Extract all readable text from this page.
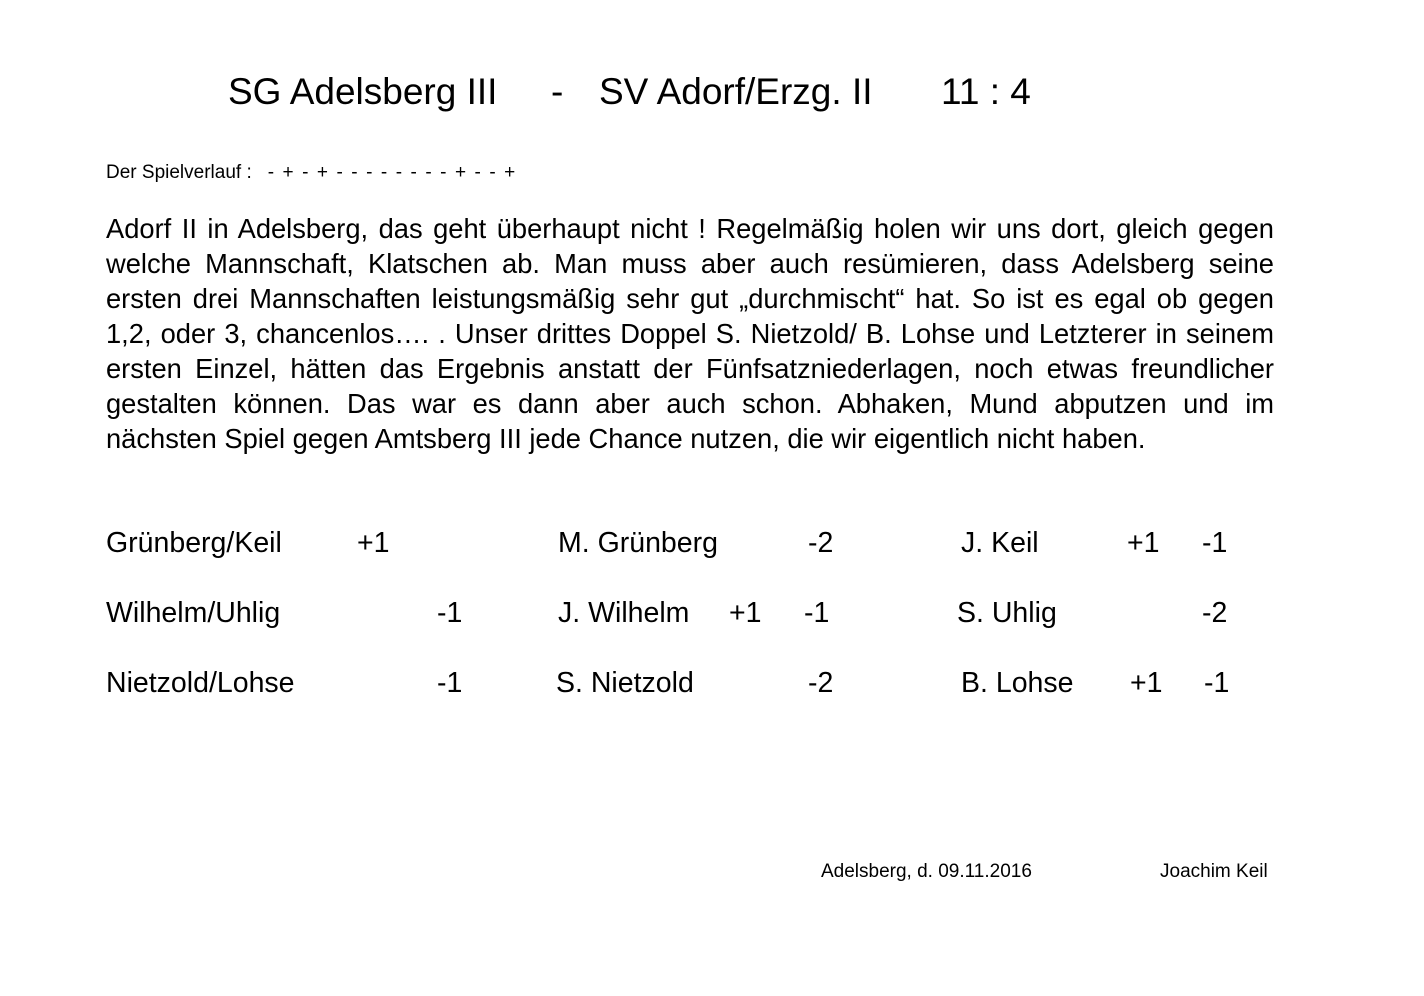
SG Adelsberg III - SV Adorf/Erzg. II 11 : 4
Der Spielverlauf : - + - + - - - - - - - - + - - +

Adorf II in Adelsberg, das geht überhaupt nicht ! Regelmäßig holen wir uns dort, gleich gegen welche Mannschaft, Klatschen ab. Man muss aber auch resümieren, dass Adelsberg seine ersten drei Mannschaften leistungsmäßig sehr gut „durchmischt“ hat. So ist es egal ob gegen 1,2, oder 3, chancenlos…. . Unser drittes Doppel S. Nietzold/ B. Lohse und Letzterer in seinem ersten Einzel, hätten das Ergebnis anstatt der Fünfsatzniederlagen, noch etwas freundlicher gestalten können. Das war es dann aber auch schon. Abhaken, Mund abputzen und im nächsten Spiel gegen Amtsberg III jede Chance nutzen, die wir eigentlich nicht haben.

Grünberg/Keil	+1	M. Grünberg	-2	J. Keil	+1 -1
Wilhelm/Uhlig	-1	J. Wilhelm +1 -1	S. Uhlig	-2
Nietzold/Lohse	-1	S. Nietzold	-2	B. Lohse +1 -1
Adelsberg, d. 09.11.2016	Joachim Keil
